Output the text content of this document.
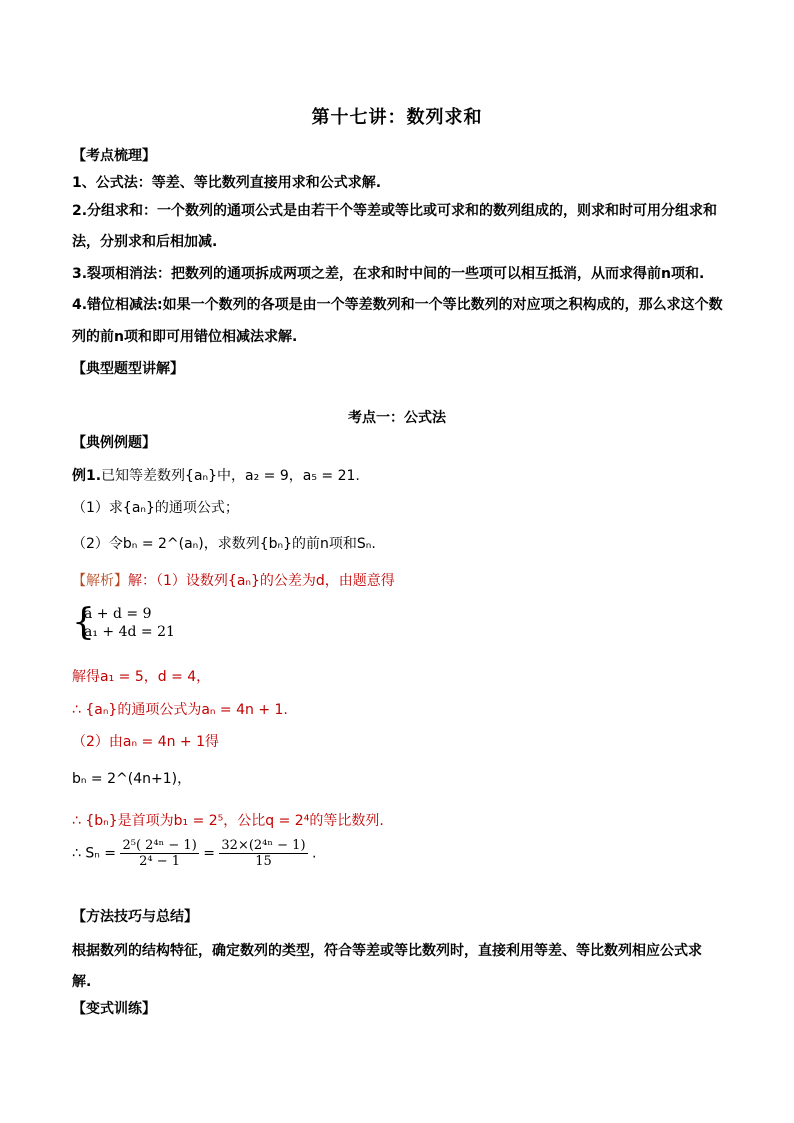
第十七讲：数列求和
【考点梳理】
1、公式法：等差、等比数列直接用求和公式求解.
2.分组求和：一个数列的通项公式是由若干个等差或等比或可求和的数列组成的，则求和时可用分组求和
法，分别求和后相加减.
3.裂项相消法：把数列的通项拆成两项之差，在求和时中间的一些项可以相互抵消，从而求得前n项和.
4.错位相减法:如果一个数列的各项是由一个等差数列和一个等比数列的对应项之积构成的，那么求这个数
列的前n项和即可用错位相减法求解.
【典型题型讲解】
考点一：公式法
【典例例题】
例1.已知等差数列{aₙ}中，a₂ = 9，a₅ = 21.
（1）求{aₙ}的通项公式；
（2）令bₙ = 2^(aₙ)，求数列{bₙ}的前n项和Sₙ.
【解析】解：（1）设数列{aₙ}的公差为d，由题意得
{
a + d = 9
a₁ + 4d = 21
解得a₁ = 5，d = 4，
∴ {aₙ}的通项公式为aₙ = 4n + 1.
（2）由aₙ = 4n + 1得
bₙ = 2^(4n+1)，
∴ {bₙ}是首项为b₁ = 2⁵，公比q = 2⁴的等比数列.
∴ $S_n = \frac{\text{2⁵( 2⁴ⁿ − 1)}}{\text{2⁴ − 1}} = \frac{\text{32×(2⁴ⁿ − 1)}}{15}$ .
【方法技巧与总结】
根据数列的结构特征，确定数列的类型，符合等差或等比数列时，直接利用等差、等比数列相应公式求
解.
【变式训练】
